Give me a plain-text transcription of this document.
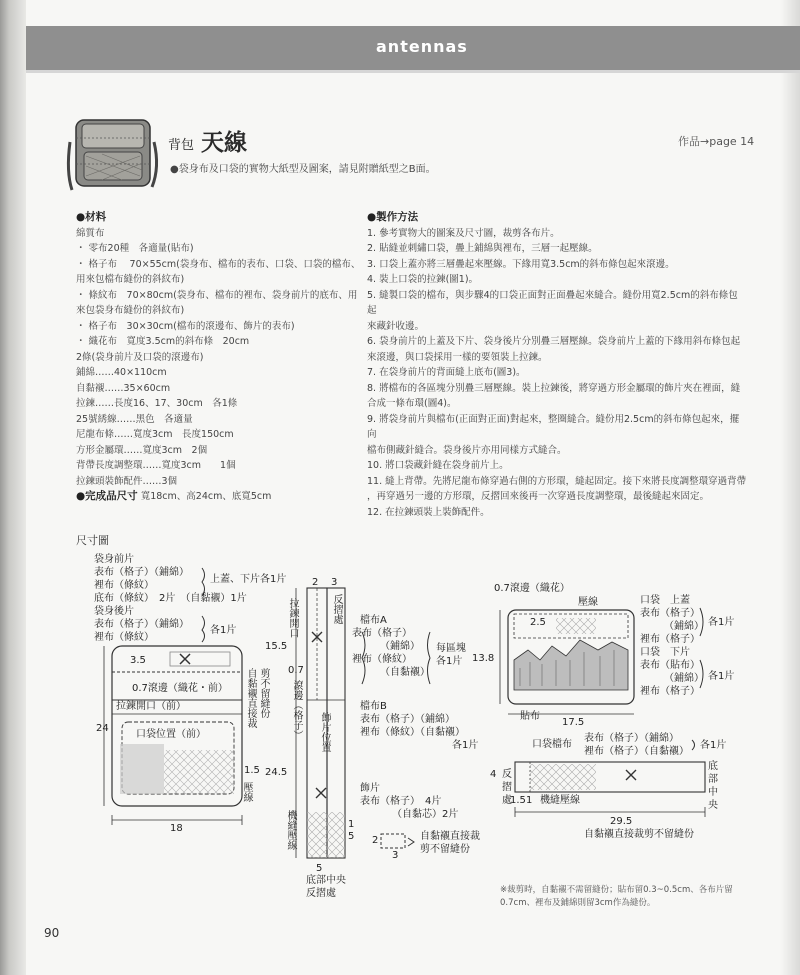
antennas
背包 天線	作品→page 14
●袋身布及口袋的實物大紙型及圖案，請見附贈紙型之B面。
●材料
綿質布
・ 零布20種　各適量(貼布)
・ 格子布　 70×55cm(袋身布、檔布的表布、口袋、口袋的檔布、
用來包檔布縫份的斜紋布)
・ 條紋布　70×80cm(袋身布、檔布的裡布、袋身前片的底布、用
來包袋身布縫份的斜紋布)
・ 格子布　30×30cm(檔布的滾邊布、飾片的表布)
・ 織花布　寬度3.5cm的斜布條　20cm
2條(袋身前片及口袋的滾邊布)
鋪綿……40×110cm
自黏襯……35×60cm
拉鍊……長度16、17、30cm　各1條
25號綉線……黑色　各適量
尼龍布條……寬度3cm　長度150cm
方形金屬環……寬度3cm　2個
背帶長度調整環……寬度3cm　　1個
拉鍊頭裝飾配件……3個
●完成品尺寸 寬18cm、高24cm、底寬5cm
●製作方法
1. 參考實物大的圖案及尺寸圖，裁剪各布片。
2. 貼縫並刺繡口袋，疊上鋪綿與裡布，三層一起壓線。
3. 口袋上蓋亦將三層疊起來壓線。下緣用寬3.5cm的斜布條包起來滾邊。
4. 裝上口袋的拉鍊(圖1)。
5. 縫製口袋的檔布，與步驟4的口袋正面對正面疊起來縫合。縫份用寬2.5cm的斜布條包起
來藏針收邊。
6. 袋身前片的上蓋及下片、袋身後片分別疊三層壓線。袋身前片上蓋的下緣用斜布條包起
來滾邊，與口袋採用一樣的要領裝上拉鍊。
7. 在袋身前片的背面縫上底布(圖3)。
8. 將檔布的各區塊分別疊三層壓線。裝上拉鍊後，將穿過方形金屬環的飾片夾在裡面，縫
合成一條布環(圖4)。
9. 將袋身前片與檔布(正面對正面)對起來，整圈縫合。縫份用2.5cm的斜布條包起來，擺向
檔布側藏針縫合。袋身後片亦用同樣方式縫合。
10. 將口袋藏針縫在袋身前片上。
11. 縫上背帶。先將尼龍布條穿過右側的方形環，縫起固定。接下來將長度調整環穿過背帶
，再穿過另一邊的方形環，反摺回來後再一次穿過長度調整環，最後縫起來固定。
12. 在拉鍊頭裝上裝飾配件。
尺寸圖
袋身前片
表布（格子）（鋪綿）
裡布（條紋）
底布（條紋）　2片　（自黏襯）1片
上蓋、下片各1片
袋身後片
表布（格子）（鋪綿）
裡布（條紋）
各1片
3.5
0.7滾邊（織花・前）
拉鍊開口（前）
口袋位置（前）
24
1.5
18
壓線
剪不留縫份
自黏襯直接裁
拉鍊開口	反摺處
2 3
15.5
0.7
滾邊（格子） 飾片位置
24.5
機縫壓線	1
5
5
底部中央
反摺處
檔布A
表布（格子）
（鋪綿）
裡布（條紋）
（自黏襯）
每區塊
各1片
檔布B
表布（格子）（鋪綿）
裡布（條紋）（自黏襯）
各1片
飾片
表布（格子）　4片
（自黏芯）2片
自黏襯直接裁
剪不留縫份
2
3
0.7滾邊（織花）
壓線
2.5
13.8
17.5
貼布
口袋　上蓋
表布（格子）
（鋪綿）
裡布（格子）
各1片
口袋　下片
表布（貼布）
（鋪綿）
裡布（格子）
各1片
口袋檔布
表布（格子）（鋪綿）
裡布（格子）（自黏襯）
各1片
4 反
摺
處
1.5 1 機縫壓線
底
部
中
央
29.5
自黏襯直接裁剪不留縫份
※裁剪時，自黏襯不需留縫份；貼布留0.3~0.5cm、各布片留0.7cm、裡布及鋪綿則留3cm作為縫份。
90
